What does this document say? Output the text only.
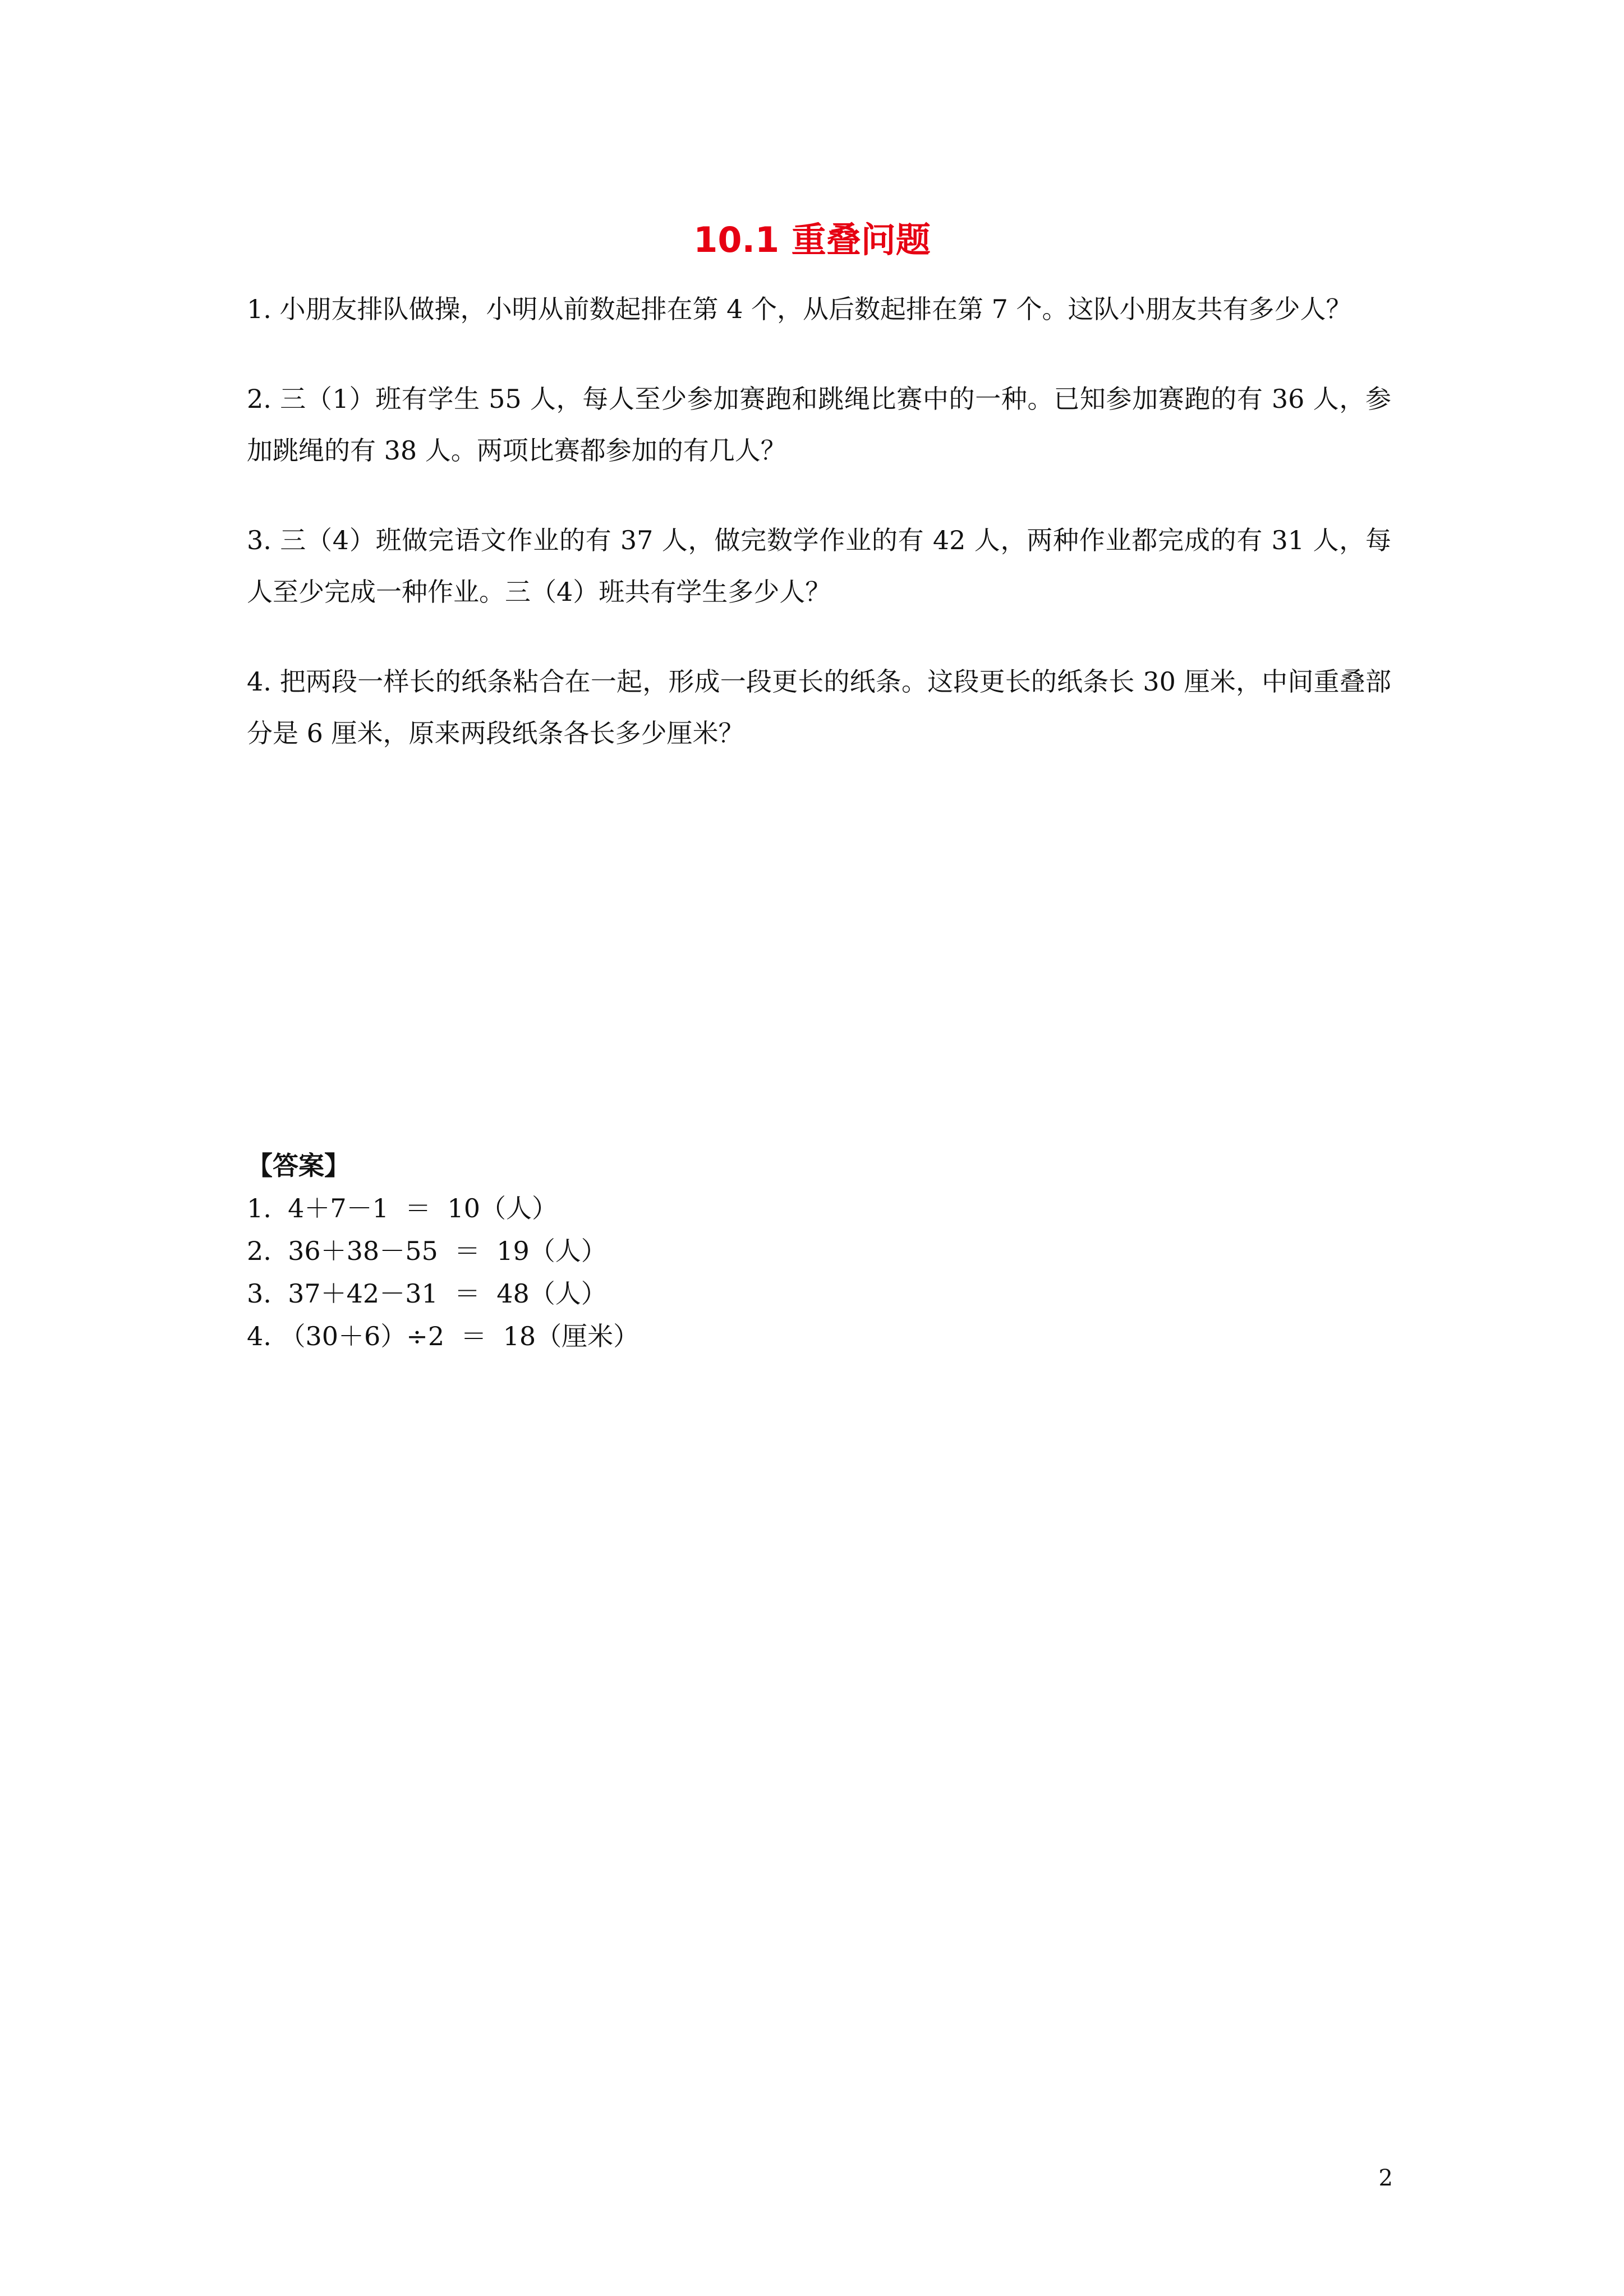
10.1 重叠问题

1. 小朋友排队做操，小明从前数起排在第 4 个，从后数起排在第 7 个。这队小朋友共有多少人？

2. 三（1）班有学生 55 人，每人至少参加赛跑和跳绳比赛中的一种。已知参加赛跑的有 36 人，参加跳绳的有 38 人。两项比赛都参加的有几人？

3. 三（4）班做完语文作业的有 37 人，做完数学作业的有 42 人，两种作业都完成的有 31 人，每人至少完成一种作业。三（4）班共有学生多少人？

4. 把两段一样长的纸条粘合在一起，形成一段更长的纸条。这段更长的纸条长 30 厘米，中间重叠部分是 6 厘米，原来两段纸条各长多少厘米？

【答案】

1.  4＋7－1  ＝  10（人）

2.  36＋38－55  ＝  19（人）

3.  37＋42－31  ＝  48（人）

4. （30＋6）÷2  ＝  18（厘米）

2
